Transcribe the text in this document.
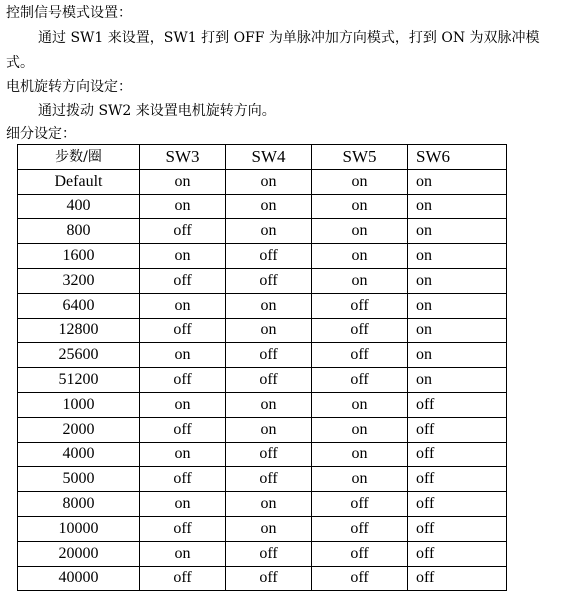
控制信号模式设置：
通过 SW1 来设置，SW1 打到 OFF 为单脉冲加方向模式，打到 ON 为双脉冲模
式。
电机旋转方向设定：
通过拨动 SW2 来设置电机旋转方向。
细分设定：
步数/圈	SW3	SW4	SW5	SW6
Default	on	on	on	on
400	on	on	on	on
800	off	on	on	on
1600	on	off	on	on
3200	off	off	on	on
6400	on	on	off	on
12800	off	on	off	on
25600	on	off	off	on
51200	off	off	off	on
1000	on	on	on	off
2000	off	on	on	off
4000	on	off	on	off
5000	off	off	on	off
8000	on	on	off	off
10000	off	on	off	off
20000	on	off	off	off
40000	off	off	off	off
